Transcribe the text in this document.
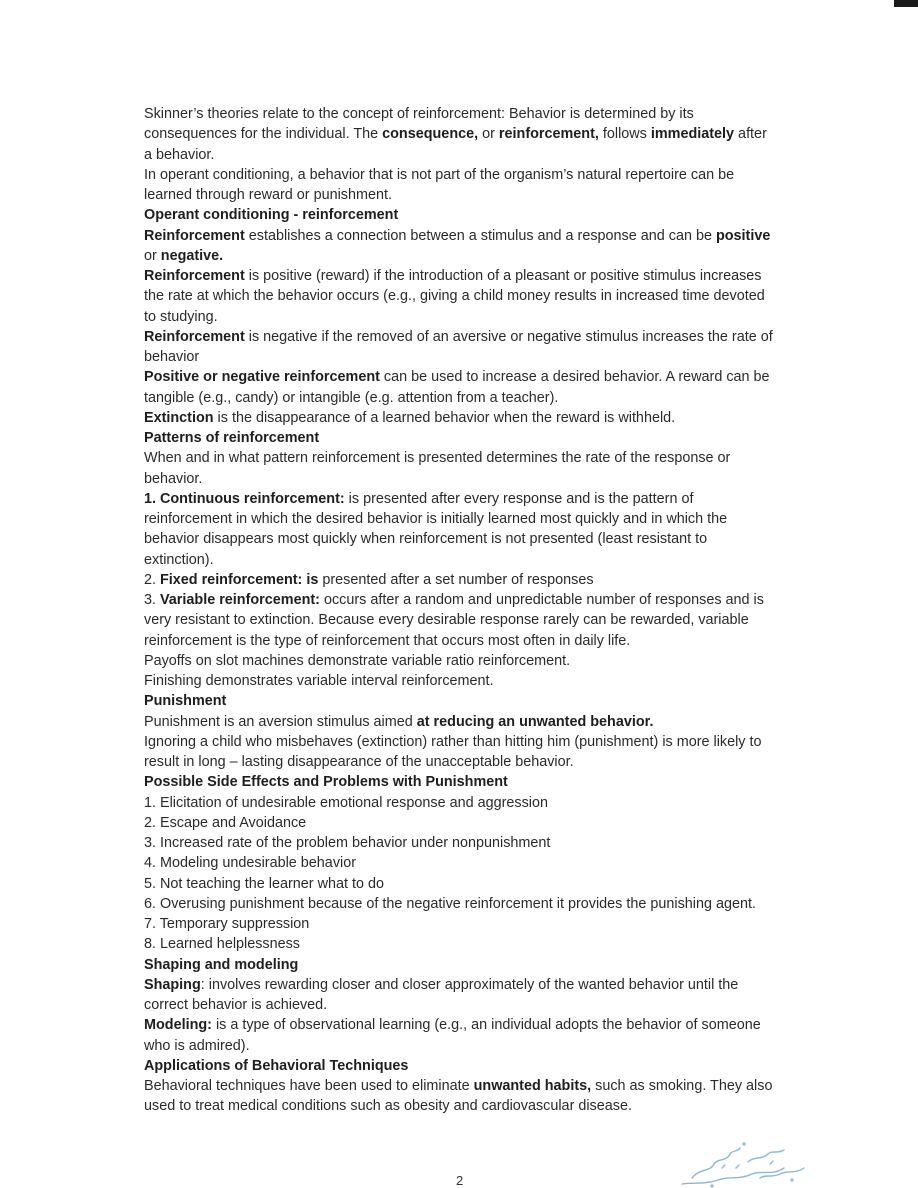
Skinner’s theories relate to the concept of reinforcement: Behavior is determined by its consequences for the individual. The consequence, or reinforcement, follows immediately after a behavior.

In operant conditioning, a behavior that is not part of the organism’s natural repertoire can be learned through reward or punishment.

Operant conditioning - reinforcement

Reinforcement establishes a connection between a stimulus and a response and can be positive or negative.

Reinforcement is positive (reward) if the introduction of a pleasant or positive stimulus increases the rate at which the behavior occurs (e.g., giving a child money results in increased time devoted to studying.

Reinforcement is negative if the removed of an aversive or negative stimulus increases the rate of behavior

Positive or negative reinforcement can be used to increase a desired behavior. A reward can be tangible (e.g., candy) or intangible (e.g. attention from a teacher).

Extinction is the disappearance of a learned behavior when the reward is withheld.

Patterns of reinforcement

When and in what pattern reinforcement is presented determines the rate of the response or behavior.

1. Continuous reinforcement: is presented after every response and is the pattern of reinforcement in which the desired behavior is initially learned most quickly and in which the behavior disappears most quickly when reinforcement is not presented (least resistant to extinction).

2. Fixed reinforcement: is presented after a set number of responses

3. Variable reinforcement: occurs after a random and unpredictable number of responses and is very resistant to extinction. Because every desirable response rarely can be rewarded, variable reinforcement is the type of reinforcement that occurs most often in daily life.

Payoffs on slot machines demonstrate variable ratio reinforcement.

Finishing demonstrates variable interval reinforcement.

Punishment

Punishment is an aversion stimulus aimed at reducing an unwanted behavior.

Ignoring a child who misbehaves (extinction) rather than hitting him (punishment) is more likely to result in long – lasting disappearance of the unacceptable behavior.

Possible Side Effects and Problems with Punishment

1. Elicitation of undesirable emotional response and aggression

2. Escape and Avoidance

3. Increased rate of the problem behavior under nonpunishment

4. Modeling undesirable behavior

5. Not teaching the learner what to do

6. Overusing punishment because of the negative reinforcement it provides the punishing agent.

7. Temporary suppression

8. Learned helplessness

Shaping and modeling

Shaping: involves rewarding closer and closer approximately of the wanted behavior until the correct behavior is achieved.

Modeling: is a type of observational learning (e.g., an individual adopts the behavior of someone who is admired).

Applications of Behavioral Techniques

Behavioral techniques have been used to eliminate unwanted habits, such as smoking. They also used to treat medical conditions such as obesity and cardiovascular disease.

2
